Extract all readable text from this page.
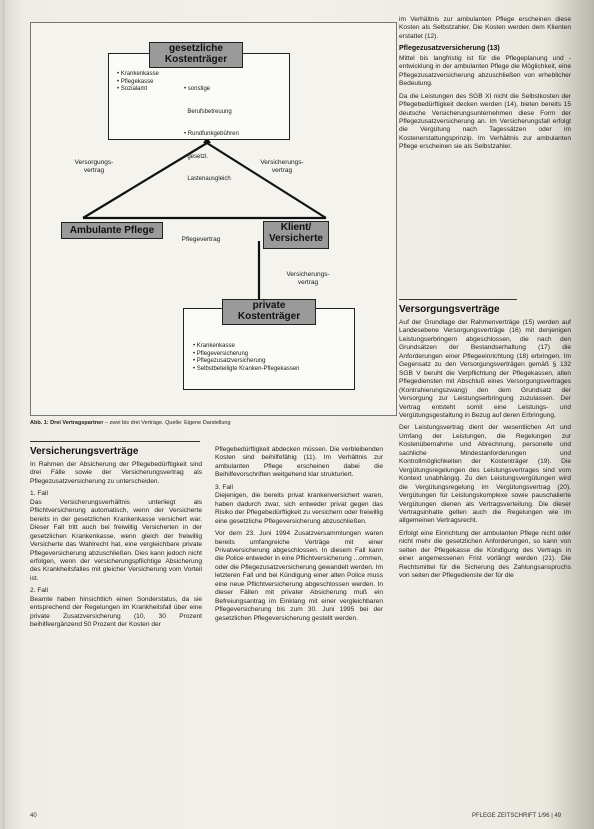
gesetzliche
Kostenträger
• Krankenkasse
• Pflegekasse
• Sozialamt

	• sonstige

Berufsbetreuung

• Rundfunkgebühren

gesetzl.

Lastenausgleich

Versorgungs-
vertrag
Versicherungs-
vertrag
Ambulante Pflege
Pflegevertrag
Klient/
Versicherte
Versicherungs-
vertrag
private
Kostenträger
• Krankenkasse
• Pflegeversicherung
• Pflegezusatzversicherung
• Selbstbeteiligte Kranken-Pflegekassen
Abb. 1: Drei Vertragspartner – zwei bis drei Verträge. Quelle: Eigene Darstellung
Versicherungsverträge

In Rahmen der Absicherung der Pflegebedürftigkeit sind drei Fälle sowie der Versicherungsvertrag als Pflegezusatzversicherung zu unterscheiden.

1. Fall

Das Versicherungsverhältnis unterliegt als Pflichtversicherung automatisch, wenn der Versicherte bereits in der gesetzlichen Krankenkasse versichert war. Dieser Fall tritt auch bei freiwillig Versicherten in der gesetzlichen Krankenkasse, wenn gleich der freiwillig Versicherte das Wahlrecht hat, eine vergleichbare private Pflegeversicherung abzuschließen. Dies kann jedoch nicht erfolgen, wenn der versicherungspflichtige Absicherung des Krankheitsfalles mit gleicher Versicherung vom Vorteil ist.

2. Fall

Beamte haben hinsichtlich einen Sonderstatus, da sie entsprechend der Regelungen im Krankheitsfall über eine private Zusatzversicherung (10, 30 Prozent beihilfeergänzend 50 Prozent der Kosten der

Pflegebedürftigkeit abdecken müssen. Die verbleibenden Kosten sind beihilfefähig (11). Im Verhältnis zur ambulanten Pflege erscheinen dabei die Beihilfevorschriften weitgehend klar strukturiert.

3. Fall

Diejenigen, die bereits privat krankenversichert waren, haben dadurch zwar, sich entweder privat gegen das Risiko der Pflegebedürftigkeit zu versichern oder freiwillig eine gesetzliche Pflegeversicherung abzuschließen.

Vor dem 23. Juni 1994 Zusatzversammlungen waren bereits umfangreiche Verträge mit einer Privatversicherung abgeschlossen. In diesem Fall kann die Police entweder in eine Pflichtversicherung ...ommen, oder die Pflegezusatzversicherung gewandelt werden. Im letzteren Fall und bei Kündigung einer alten Police muss eine neue Pflichtversicherung abgeschlossen werden. In dieser Fällen mit privater Absicherung muß ein Befreiungsantrag im Einklang mit einer vergleichbaren Pflegeversicherung bis zum 30. Juni 1995 bei der gesetzlichen Pflegeversicherung gestellt werden.

im Verhältnis zur ambulanten Pflege erscheinen diese Kosten als Selbstzahler. Die Kosten werden dem Klienten erstattet (12).

Pflegezusatzversicherung (13)

Mittel bis langfristig ist für die Pflegeplanung und -entwicklung in der ambulanten Pflege die Möglichkeit, eine Pflegezusatzversicherung abzuschließen von erheblicher Bedeutung.

Da die Leistungen des SGB XI nicht die Selbstkosten der Pflegebedürftigkeit decken werden (14), bieten bereits 15 deutsche Versicherungsunternehmen diese Form der Pflegezusatzversicherung an. Im Versicherungsfall erfolgt die Vergütung nach Tagessätzen oder im Kostenerstattungsprinzip. Im Verhältnis zur ambulanten Pflege erscheinen sie als Selbstzahler.

Versorgungsverträge

Auf der Grundlage der Rahmenverträge (15) werden auf Landesebene Versorgungsverträge (16) mit denjenigen Leistungserbringern abgeschlossen, die nach den Grundsätzen der Bestandserhaltung (17) die Anforderungen einer Pflegeeinrichtung (18) erbringen. Im Gegensatz zu den Versorgungsverträgen gemäß § 132 SGB V beruht die Verpflichtung der Pflegekassen, allen Pflegediensten mit Abschluß eines Versorgungsvertrages (Kontrahierungszwang) den dem Grundsatz der Versorgung zur Leistungserbringung zuzulassen. Der Vertrag entsteht somit eine Leistungs- und Vergütungsgestaltung in Bezug auf deren Erbringung.

Der Leistungsvertrag dient der wesentlichen Art und Umfang der Leistungen, die Regelungen zur Kostenübernahme und Abrechnung, personelle und sachliche Mindestanforderungen und Kontrollmöglichkeiten der Kostenträger (19). Die Vergütungsregelungen des Leistungsvertrages sind vom Kontext unabhängig. Zu den Leistungsvergütungen wird die Vergütungsregelung im Vergütungsvertrag (20). Vergütungen für Leistungskomplexe sowie pauschalierte Vergütungen dienen als Vertragsverteilung. Die dieser Vertragsinhalte gelten auch die Regelungen wie im allgemeinen Vertragsrecht.

Erfolgt eine Einrichtung der ambulanten Pflege nicht oder nicht mehr die gesetzlichen Anforderungen, so kann von seiten der Pflegekasse die Kündigung des Vertrags in einer angemessenen Frist vorlängt werden (21). Die Rechtsmittel für die Sicherung des Zahlungsanspruchs von seiten der Pflegedienste der für die

40	PFLEGE ZEITSCHRIFT 1/96 | 49
